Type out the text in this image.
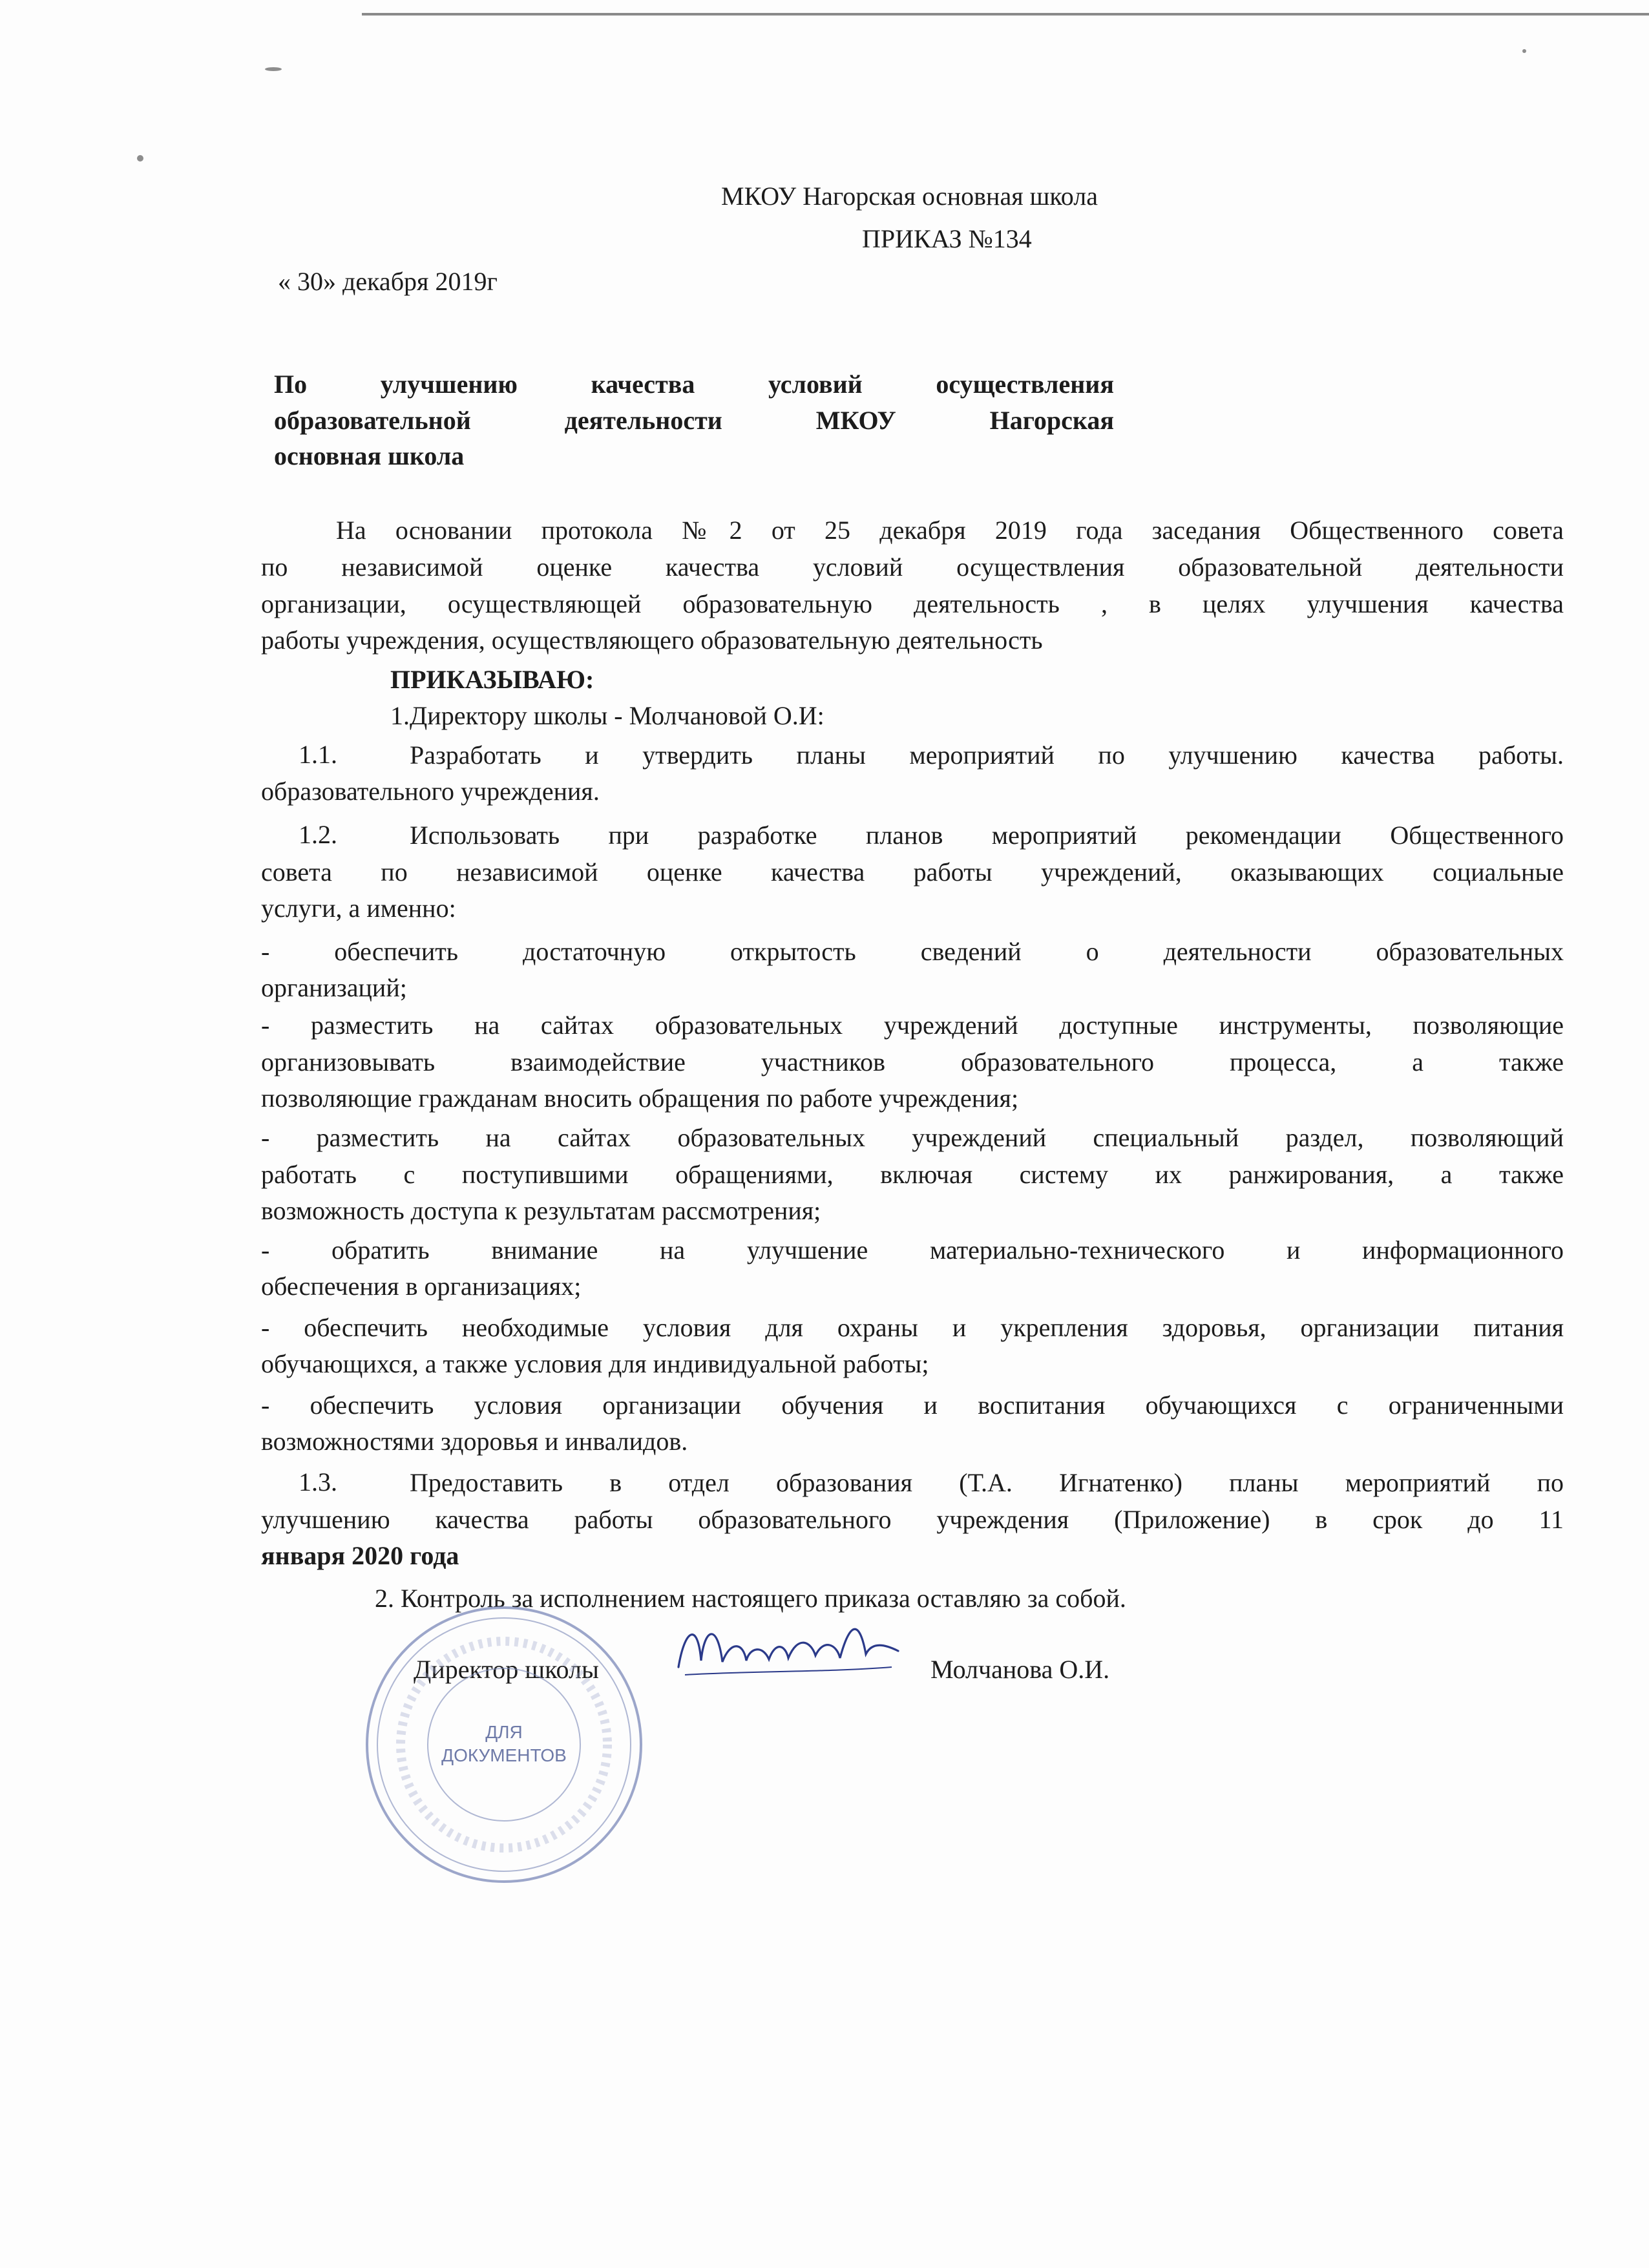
МКОУ Нагорская основная школа
ПРИКАЗ №134
« 30» декабря 2019г
По улучшению качества условий осуществления
образовательной деятельности МКОУ Нагорская
основная школа
На основании протокола №2 от 25 декабря 2019 года заседания Общественного совета
по независимой оценке качества условий осуществления образовательной деятельности
организации, осуществляющей образовательную деятельность , в целях улучшения качества
работы учреждения, осуществляющего образовательную деятельность
ПРИКАЗЫВАЮ:
1.Директору школы - Молчановой О.И:
1.1.	Разработать и утвердить планы мероприятий по улучшению качества работы.
образовательного учреждения.
1.2.	Использовать при разработке планов мероприятий рекомендации Общественного
совета по независимой оценке качества работы учреждений, оказывающих социальные
услуги, а именно:
- обеспечить достаточную открытость сведений о деятельности образовательных
организаций;
- разместить на сайтах образовательных учреждений доступные инструменты, позволяющие
организовывать взаимодействие участников образовательного процесса, а также
позволяющие гражданам вносить обращения по работе учреждения;
- разместить на сайтах образовательных учреждений специальный раздел, позволяющий
работать с поступившими обращениями, включая систему их ранжирования, а также
возможность доступа к результатам рассмотрения;
- обратить внимание на улучшение материально-технического и информационного
обеспечения в организациях;
- обеспечить необходимые условия для охраны и укрепления здоровья, организации питания
обучающихся, а также условия для индивидуальной работы;
- обеспечить условия организации обучения и воспитания обучающихся с ограниченными
возможностями здоровья и инвалидов.
1.3.	Предоставить в отдел образования (Т.А. Игнатенко) планы мероприятий по
улучшению качества работы образовательного учреждения (Приложение) в срок до 11
января 2020 года
2. Контроль за исполнением настоящего приказа оставляю за собой.
Директор школы	Молчанова О.И.
ДЛЯ
ДОКУМЕНТОВ
